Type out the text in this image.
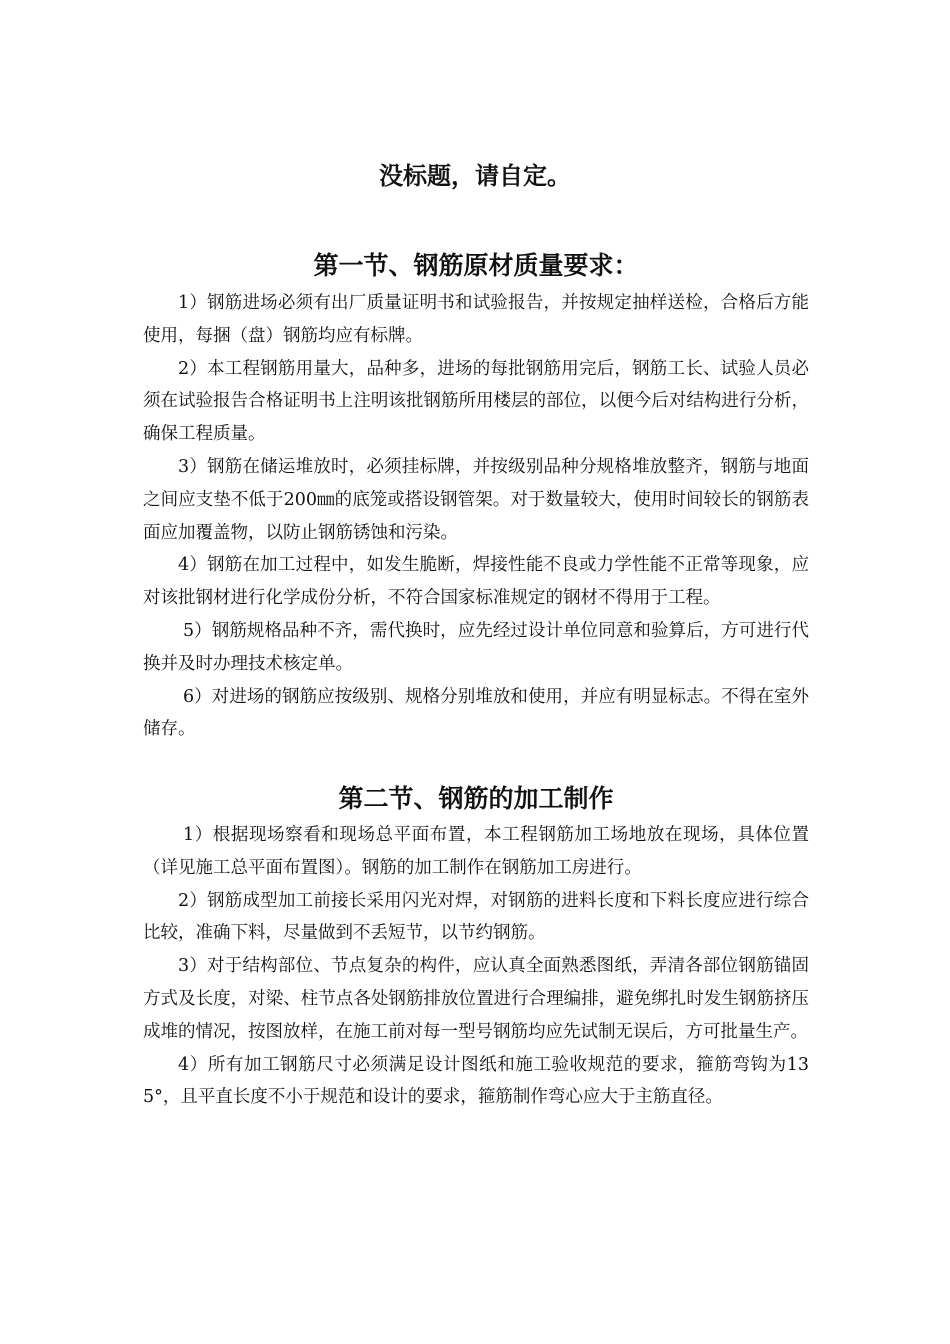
没标题，请自定。
第一节、钢筋原材质量要求：

1）钢筋进场必须有出厂质量证明书和试验报告，并按规定抽样送检，合格后方能使用，每捆（盘）钢筋均应有标牌。

2）本工程钢筋用量大，品种多，进场的每批钢筋用完后，钢筋工长、试验人员必须在试验报告合格证明书上注明该批钢筋所用楼层的部位，以便今后对结构进行分析，确保工程质量。

3）钢筋在储运堆放时，必须挂标牌，并按级别品种分规格堆放整齐，钢筋与地面之间应支垫不低于200㎜的底笼或搭设钢管架。对于数量较大，使用时间较长的钢筋表面应加覆盖物，以防止钢筋锈蚀和污染。

4）钢筋在加工过程中，如发生脆断，焊接性能不良或力学性能不正常等现象，应对该批钢材进行化学成份分析，不符合国家标准规定的钢材不得用于工程。

5）钢筋规格品种不齐，需代换时，应先经过设计单位同意和验算后，方可进行代换并及时办理技术核定单。

6）对进场的钢筋应按级别、规格分别堆放和使用，并应有明显标志。不得在室外储存。

第二节、钢筋的加工制作

1）根据现场察看和现场总平面布置，本工程钢筋加工场地放在现场，具体位置（详见施工总平面布置图）。钢筋的加工制作在钢筋加工房进行。

2）钢筋成型加工前接长采用闪光对焊，对钢筋的进料长度和下料长度应进行综合比较，准确下料，尽量做到不丢短节，以节约钢筋。

3）对于结构部位、节点复杂的构件，应认真全面熟悉图纸，弄清各部位钢筋锚固方式及长度，对梁、柱节点各处钢筋排放位置进行合理编排，避免绑扎时发生钢筋挤压成堆的情况，按图放样，在施工前对每一型号钢筋均应先试制无误后，方可批量生产。

4）所有加工钢筋尺寸必须满足设计图纸和施工验收规范的要求，箍筋弯钩为135°，且平直长度不小于规范和设计的要求，箍筋制作弯心应大于主筋直径。
